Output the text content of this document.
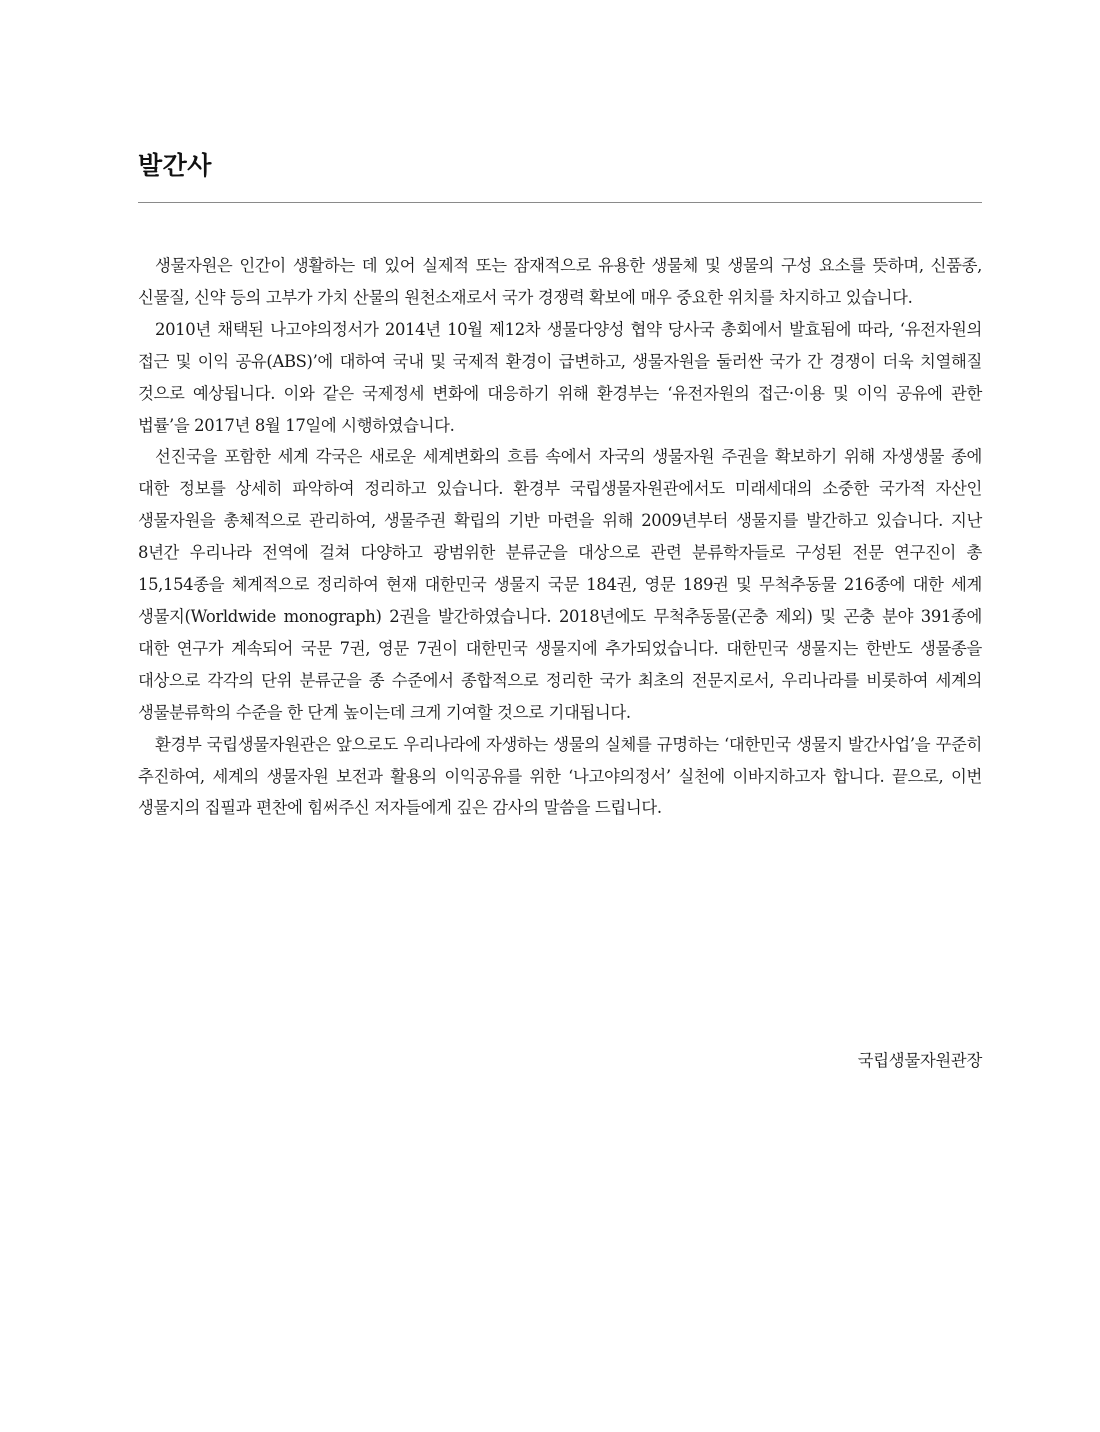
발간사

생물자원은 인간이 생활하는 데 있어 실제적 또는 잠재적으로 유용한 생물체 및 생물의 구성 요소를 뜻하며, 신품종, 신물질, 신약 등의 고부가 가치 산물의 원천소재로서 국가 경쟁력 확보에 매우 중요한 위치를 차지하고 있습니다.

2010년 채택된 나고야의정서가 2014년 10월 제12차 생물다양성 협약 당사국 총회에서 발효됨에 따라, ‘유전자원의 접근 및 이익 공유(ABS)’에 대하여 국내 및 국제적 환경이 급변하고, 생물자원을 둘러싼 국가 간 경쟁이 더욱 치열해질 것으로 예상됩니다. 이와 같은 국제정세 변화에 대응하기 위해 환경부는 ‘유전자원의 접근·이용 및 이익 공유에 관한 법률’을 2017년 8월 17일에 시행하였습니다.

선진국을 포함한 세계 각국은 새로운 세계변화의 흐름 속에서 자국의 생물자원 주권을 확보하기 위해 자생생물 종에 대한 정보를 상세히 파악하여 정리하고 있습니다. 환경부 국립생물자원관에서도 미래세대의 소중한 국가적 자산인 생물자원을 총체적으로 관리하여, 생물주권 확립의 기반 마련을 위해 2009년부터 생물지를 발간하고 있습니다. 지난 8년간 우리나라 전역에 걸쳐 다양하고 광범위한 분류군을 대상으로 관련 분류학자들로 구성된 전문 연구진이 총 15,154종을 체계적으로 정리하여 현재 대한민국 생물지 국문 184권, 영문 189권 및 무척추동물 216종에 대한 세계 생물지(Worldwide monograph) 2권을 발간하였습니다. 2018년에도 무척추동물(곤충 제외) 및 곤충 분야 391종에 대한 연구가 계속되어 국문 7권, 영문 7권이 대한민국 생물지에 추가되었습니다. 대한민국 생물지는 한반도 생물종을 대상으로 각각의 단위 분류군을 종 수준에서 종합적으로 정리한 국가 최초의 전문지로서, 우리나라를 비롯하여 세계의 생물분류학의 수준을 한 단계 높이는데 크게 기여할 것으로 기대됩니다.

환경부 국립생물자원관은 앞으로도 우리나라에 자생하는 생물의 실체를 규명하는 ‘대한민국 생물지 발간사업’을 꾸준히 추진하여, 세계의 생물자원 보전과 활용의 이익공유를 위한 ‘나고야의정서’ 실천에 이바지하고자 합니다. 끝으로, 이번 생물지의 집필과 편찬에 힘써주신 저자들에게 깊은 감사의 말씀을 드립니다.

국립생물자원관장
